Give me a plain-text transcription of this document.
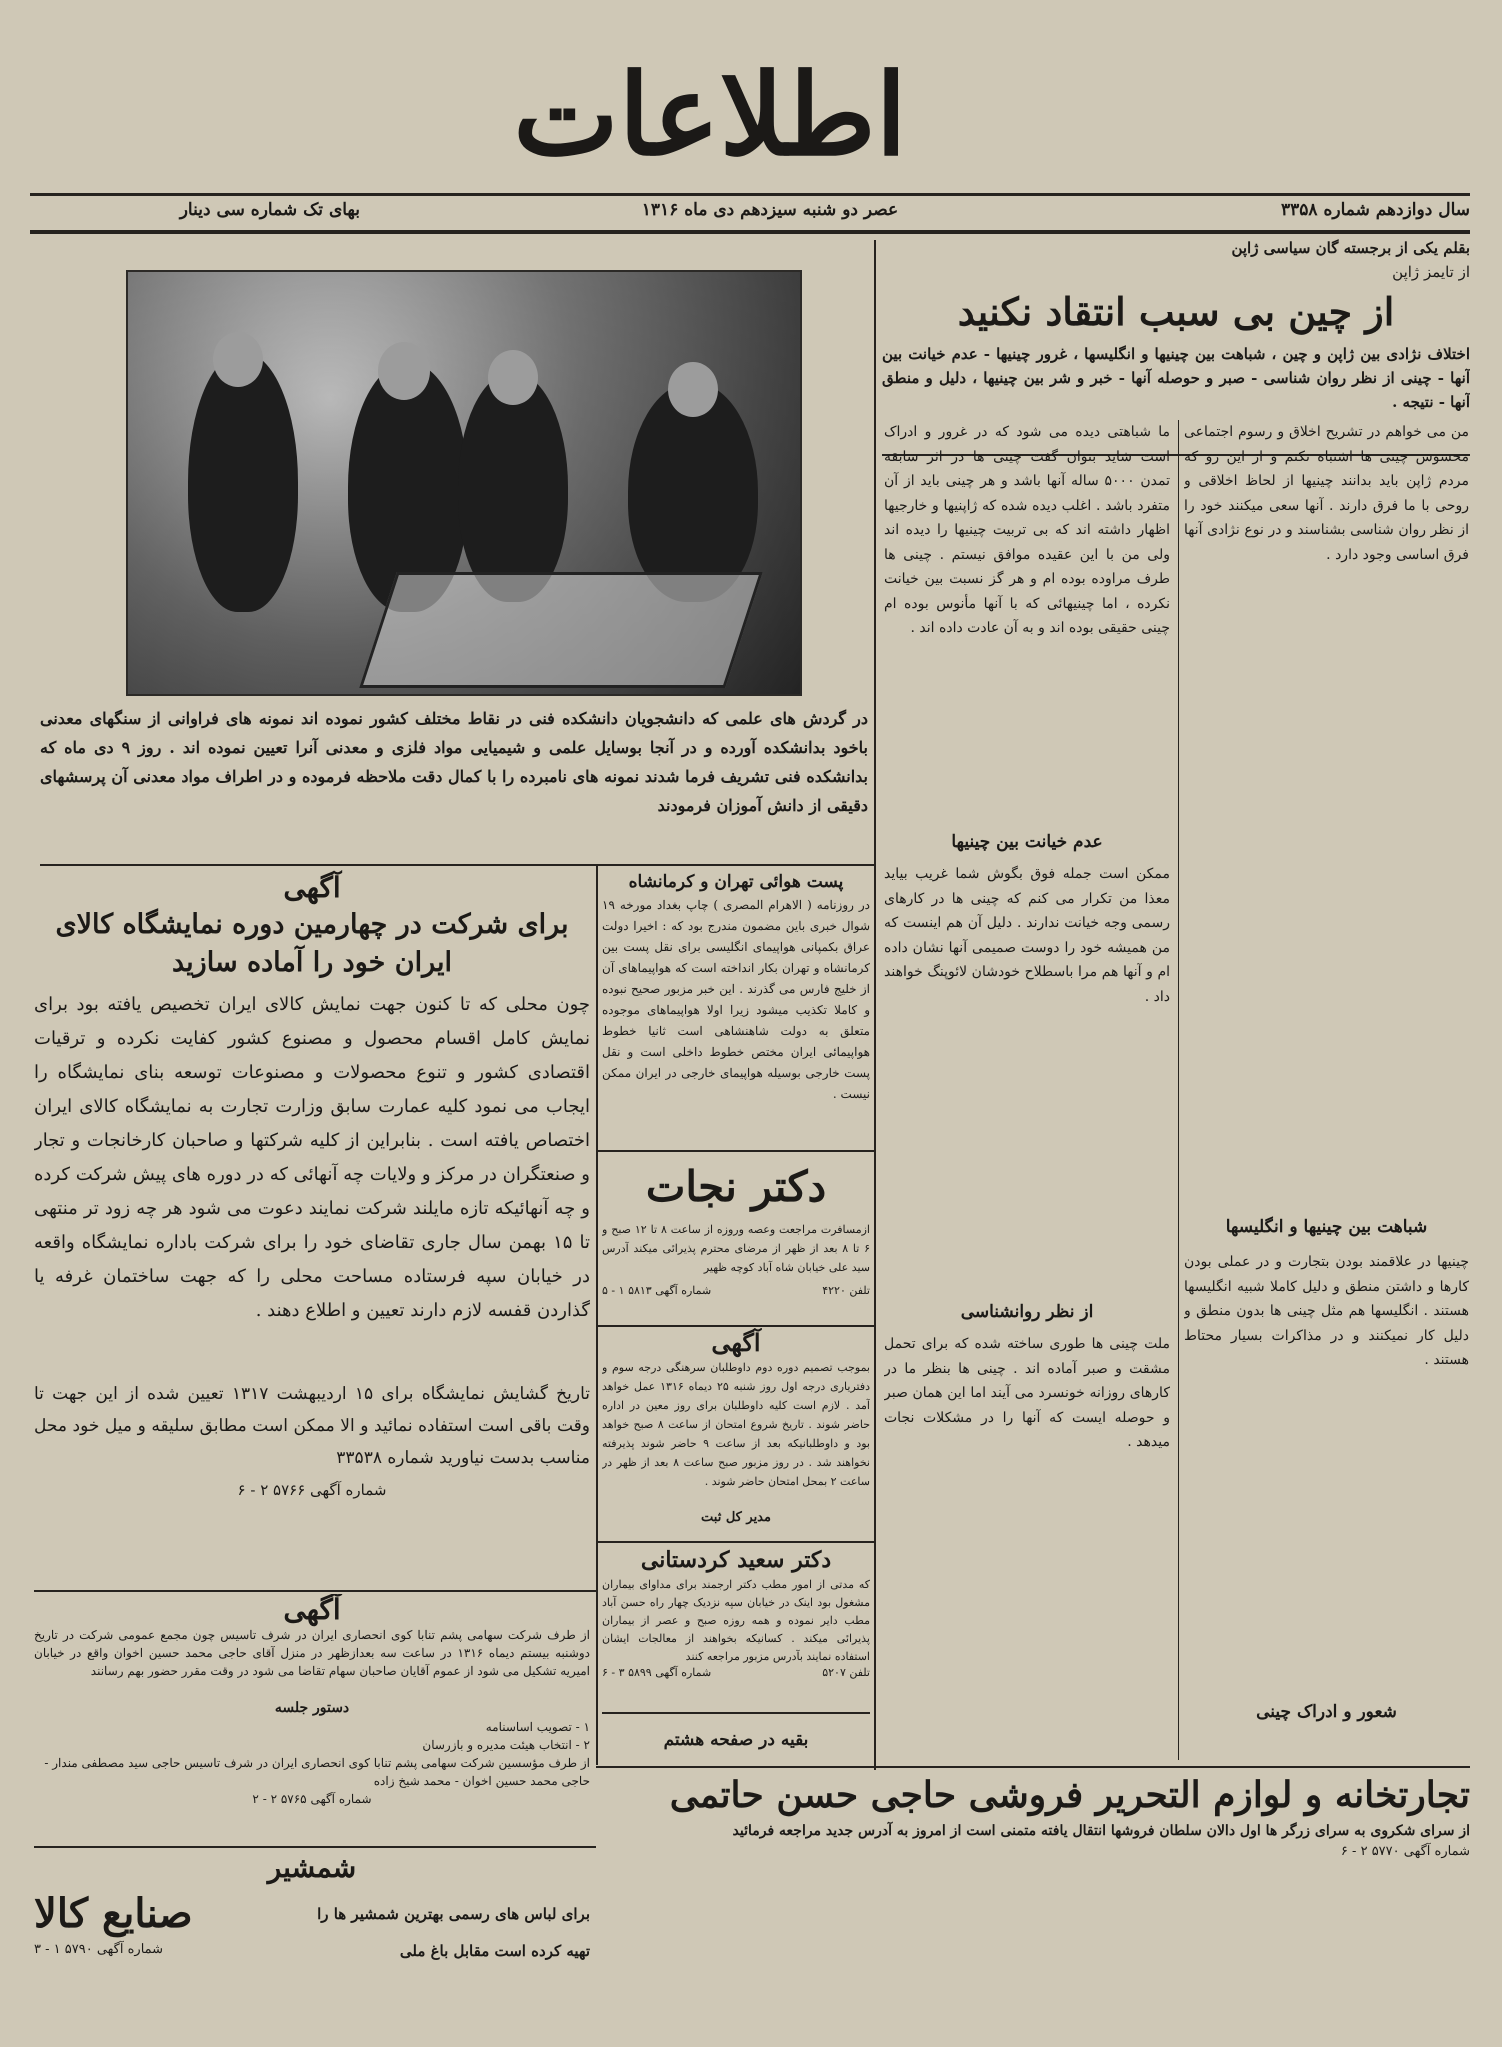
اطلاعات
سال دوازدهم شماره ۳۳۵۸
عصر دو شنبه سیزدهم دی ماه ۱۳۱۶
بهای تک شماره سی دینار
بقلم یکی از برجسته گان سیاسی ژاپن
از تایمز ژاپن
از چین بی سبب انتقاد نکنید
اختلاف نژادی بین ژاپن و چین ، شباهت بین چینیها و انگلیسها ، غرور چینیها - عدم خیانت بین آنها - چینی از نظر روان شناسی - صبر و حوصله آنها - خبر و شر بین چینیها ، دلیل و منطق آنها - نتیجه .
من می خواهم در تشریح اخلاق و رسوم اجتماعی محسوس چینی ها اشتباه نکنم و از این رو که مردم ژاپن باید بدانند چینیها از لحاظ اخلاقی و روحی با ما فرق دارند . آنها سعی میکنند خود را از نظر روان شناسی بشناسند و در نوع نژادی آنها فرق اساسی وجود دارد .
ما شباهتی دیده می شود که در غرور و ادراک است شاید بتوان گفت چینی ها در اثر سابقه تمدن ۵۰۰۰ ساله آنها باشد و هر چینی باید از آن متفرد باشد . اغلب دیده شده که ژاپنیها و خارجیها اظهار داشته اند که بی تربیت چینیها را دیده اند ولی من با این عقیده موافق نیستم . چینی ها طرف مراوده بوده ام و هر گز نسبت بین خیانت نکرده ، اما چینیهائی که با آنها مأنوس بوده ام چینی حقیقی بوده اند و به آن عادت داده اند .
عدم خیانت بین چینیها
ممکن است جمله فوق بگوش شما غریب بیاید معذا من تکرار می کنم که چینی ها در کارهای رسمی وجه خیانت ندارند . دلیل آن هم اینست که من همیشه خود را دوست صمیمی آنها نشان داده ام و آنها هم مرا باسطلاح خودشان لائوپنگ خواهند داد .
از نظر روانشناسی
ملت چینی ها طوری ساخته شده که برای تحمل مشقت و صبر آماده اند . چینی ها بنظر ما در کارهای روزانه خونسرد می آیند اما این همان صبر و حوصله ایست که آنها را در مشکلات نجات میدهد .
بقیه در صفحه هشتم
شباهت بین چینیها و انگلیسها
چینیها در علاقمند بودن بتجارت و در عملی بودن کارها و داشتن منطق و دلیل کاملا شبیه انگلیسها هستند . انگلیسها هم مثل چینی ها بدون منطق و دلیل کار نمیکنند و در مذاکرات بسیار محتاط هستند .
شعور و ادراک چینی
در گردش های علمی که دانشجویان دانشکده فنی در نقاط مختلف کشور نموده اند نمونه های فراوانی از سنگهای معدنی باخود بدانشکده آورده و در آنجا بوسایل علمی و شیمیایی مواد فلزی و معدنی آنرا تعیین نموده اند . روز ۹ دی ماه که بدانشکده فنی تشریف فرما شدند نمونه های نامبرده را با کمال دقت ملاحظه فرموده و در اطراف مواد معدنی آن پرسشهای دقیقی از دانش آموزان فرمودند
آگهی
برای شرکت در چهارمین دوره نمایشگاه کالای ایران خود را آماده سازید
چون محلی که تا کنون جهت نمایش کالای ایران تخصیص یافته بود برای نمایش کامل اقسام محصول و مصنوع کشور کفایت نکرده و ترقیات اقتصادی کشور و تنوع محصولات و مصنوعات توسعه بنای نمایشگاه را ایجاب می نمود کلیه عمارت سابق وزارت تجارت به نمایشگاه کالای ایران اختصاص یافته است . بنابراین از کلیه شرکتها و صاحبان کارخانجات و تجار و صنعتگران در مرکز و ولایات چه آنهائی که در دوره های پیش شرکت کرده و چه آنهائیکه تازه مایلند شرکت نمایند دعوت می شود هر چه زود تر منتهی تا ۱۵ بهمن سال جاری تقاضای خود را برای شرکت باداره نمایشگاه واقعه در خیابان سپه فرستاده مساحت محلی را که جهت ساختمان غرفه یا گذاردن قفسه لازم دارند تعیین و اطلاع دهند .
تاریخ گشایش نمایشگاه برای ۱۵ اردیبهشت ۱۳۱۷ تعیین شده از این جهت تا وقت باقی است استفاده نمائید و الا ممکن است مطابق سلیقه و میل خود محل مناسب بدست نیاورید شماره ۳۳۵۳۸
شماره آگهی ۵۷۶۶ ۲ - ۶
آگهی
از طرف شرکت سهامی پشم تنابا کوی انحصاری ایران در شرف تاسیس چون مجمع عمومی شرکت در تاریخ دوشنبه بیستم دیماه ۱۳۱۶ در ساعت سه بعدازظهر در منزل آقای حاجی محمد حسین اخوان واقع در خیابان امیریه تشکیل می شود از عموم آقایان صاحبان سهام تقاضا می شود در وقت مقرر حضور بهم رسانند
دستور جلسه
۱ - تصویب اساسنامه
۲ - انتخاب هیئت مدیره و بازرسان
از طرف مؤسسین شرکت سهامی پشم تنابا کوی انحصاری ایران در شرف تاسیس حاجی سید مصطفی مندار - حاجی محمد حسین اخوان - محمد شیخ زاده
شماره آگهی ۵۷۶۵ ۲ - ۲
شمشیر
برای لباس های رسمی بهترین شمشیر ها را
صنایع کالا
تهیه کرده است مقابل باغ ملی
شماره آگهی ۵۷۹۰ ۱ - ۳
پست هوائی تهران و کرمانشاه
در روزنامه ( الاهرام المصری ) چاپ بغداد مورخه ۱۹ شوال خبری باین مضمون مندرج بود که : اخیرا دولت عراق بکمپانی هواپیمای انگلیسی برای نقل پست بین کرمانشاه و تهران بکار انداخته است که هواپیماهای آن از خلیج فارس می گذرند . این خبر مزبور صحیح نبوده و کاملا تکذیب میشود زیرا اولا هواپیماهای موجوده متعلق به دولت شاهنشاهی است ثانیا خطوط هواپیمائی ایران مختص خطوط داخلی است و نقل پست خارجی بوسیله هواپیمای خارجی در ایران ممکن نیست .
دکتر نجات
ازمسافرت مراجعت وعصه وروزه از ساعت ۸ تا ۱۲ صبح و ۶ تا ۸ بعد از ظهر از مرضای محترم پذیرائی میکند آدرس سید علی خیابان شاه آباد کوچه ظهیر
تلفن ۴۲۲۰
شماره آگهی ۵۸۱۳ ۱ - ۵
آگهی
بموجب تصمیم دوره دوم داوطلبان سرهنگی درجه سوم و دفتریاری درجه اول روز شنبه ۲۵ دیماه ۱۳۱۶ عمل خواهد آمد . لازم است کلیه داوطلبان برای روز معین در اداره حاضر شوند . تاریخ شروع امتحان از ساعت ۸ صبح خواهد بود و داوطلبانیکه بعد از ساعت ۹ حاضر شوند پذیرفته نخواهند شد . در روز مزبور صبح ساعت ۸ بعد از ظهر در ساعت ۲ بمحل امتحان حاضر شوند .
مدیر کل ثبت
دکتر سعید کردستانی
که مدتی از امور مطب دکتر ارجمند برای مداوای بیماران مشغول بود اینک در خیابان سپه نزدیک چهار راه حسن آباد مطب دایر نموده و همه روزه صبح و عصر از بیماران پذیرائی میکند . کسانیکه بخواهند از معالجات ایشان استفاده نمایند بآدرس مزبور مراجعه کنند
تلفن ۵۲۰۷
شماره آگهی ۵۸۹۹ ۳ - ۶
تجارتخانه و لوازم التحریر فروشی حاجی حسن حاتمی
از سرای شکروی به سرای زرگر ها اول دالان سلطان فروشها انتقال یافته متمنی است از امروز به آدرس جدید مراجعه فرمائید
شماره آگهی ۵۷۷۰ ۲ - ۶
